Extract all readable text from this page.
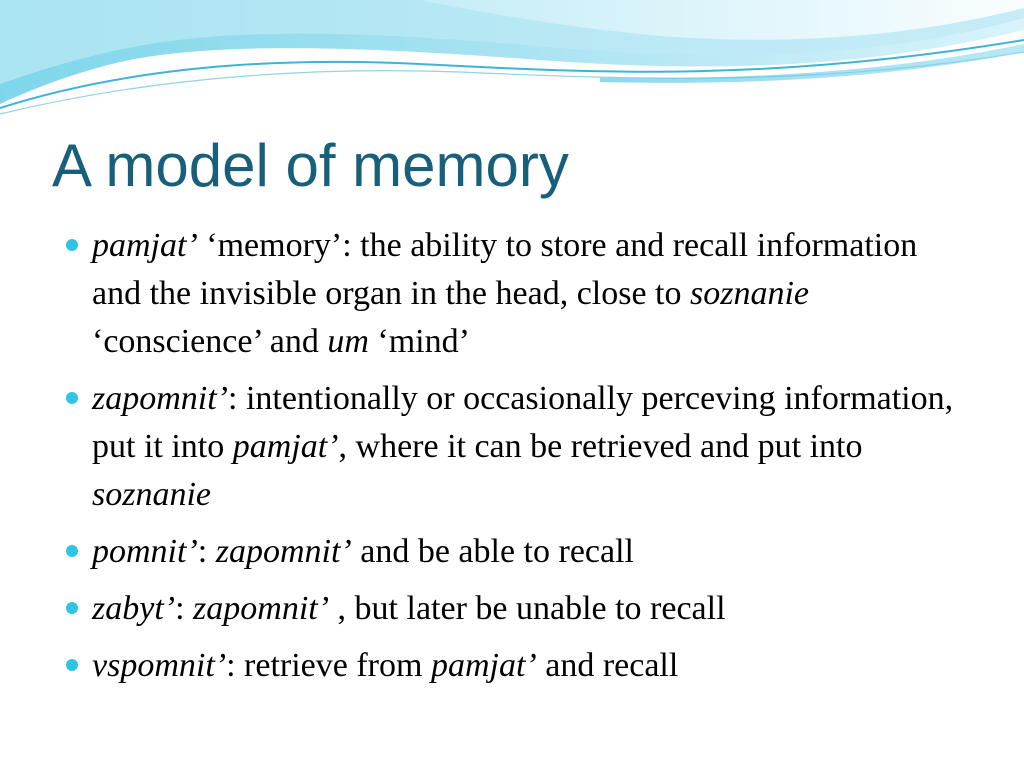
A model of memory
pamjat’ ‘memory’: the ability to store and recall information and the invisible organ in the head, close to soznanie ‘conscience’ and um ‘mind’
zapomnit’: intentionally or occasionally perceving information, put it into pamjat’, where it can be retrieved and put into soznanie
pomnit’: zapomnit’ and be able to recall
zabyt’: zapomnit’ , but later be unable to recall
vspomnit’: retrieve from pamjat’ and recall
